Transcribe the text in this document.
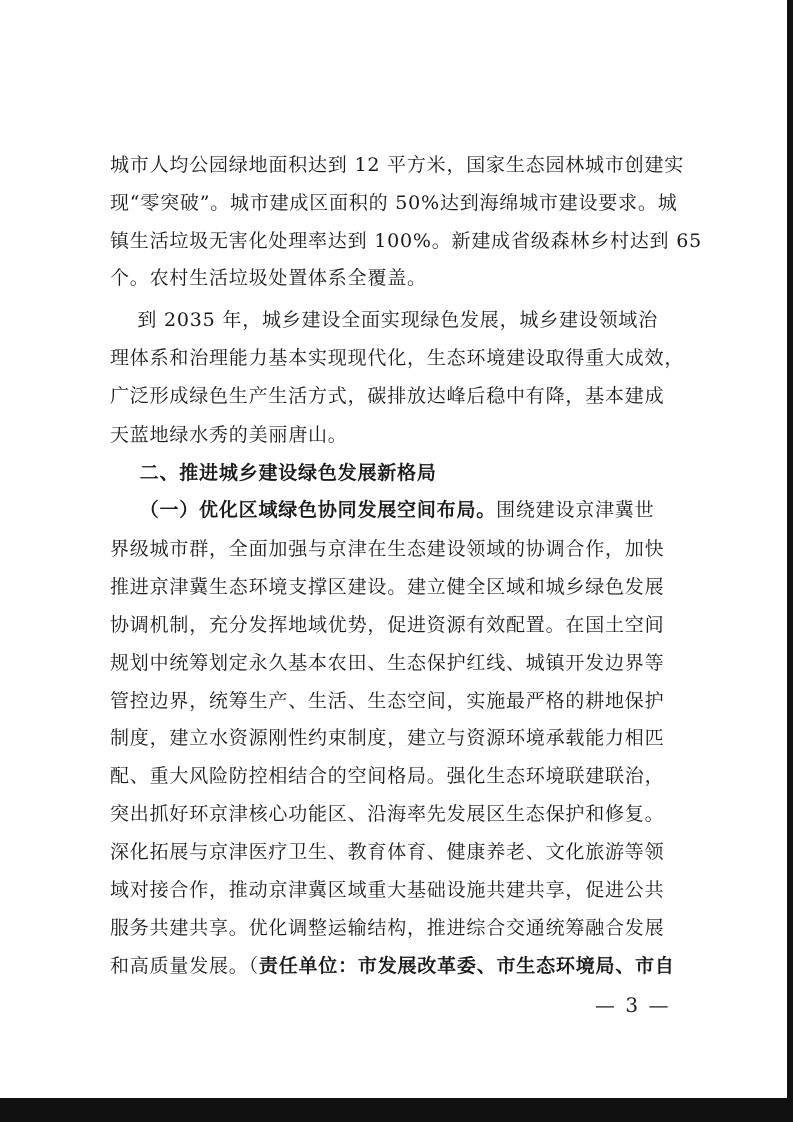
城市人均公园绿地面积达到 12 平方米，国家生态园林城市创建实
现“零突破”。城市建成区面积的 50%达到海绵城市建设要求。城
镇生活垃圾无害化处理率达到 100%。新建成省级森林乡村达到 65
个。农村生活垃圾处置体系全覆盖。
到 2035 年，城乡建设全面实现绿色发展，城乡建设领域治
理体系和治理能力基本实现现代化，生态环境建设取得重大成效，
广泛形成绿色生产生活方式，碳排放达峰后稳中有降，基本建成
天蓝地绿水秀的美丽唐山。
二、推进城乡建设绿色发展新格局
（一）优化区域绿色协同发展空间布局。围绕建设京津冀世
界级城市群，全面加强与京津在生态建设领域的协调合作，加快
推进京津冀生态环境支撑区建设。建立健全区域和城乡绿色发展
协调机制，充分发挥地域优势，促进资源有效配置。在国土空间
规划中统筹划定永久基本农田、生态保护红线、城镇开发边界等
管控边界，统筹生产、生活、生态空间，实施最严格的耕地保护
制度，建立水资源刚性约束制度，建立与资源环境承载能力相匹
配、重大风险防控相结合的空间格局。强化生态环境联建联治，
突出抓好环京津核心功能区、沿海率先发展区生态保护和修复。
深化拓展与京津医疗卫生、教育体育、健康养老、文化旅游等领
域对接合作，推动京津冀区域重大基础设施共建共享，促进公共
服务共建共享。优化调整运输结构，推进综合交通统筹融合发展
和高质量发展。（责任单位：市发展改革委、市生态环境局、市自
— 3 —
